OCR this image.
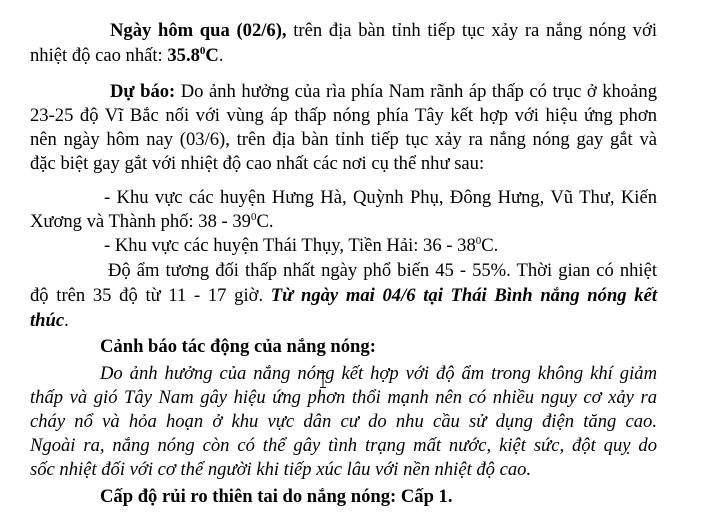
Ngày hôm qua (02/6), trên địa bàn tỉnh tiếp tục xảy ra nắng nóng với
nhiệt độ cao nhất: 35.8$^0$C.
Dự báo: Do ảnh hưởng của rìa phía Nam rãnh áp thấp có trục ở khoảng
23-25 độ Vĩ Bắc nối với vùng áp thấp nóng phía Tây kết hợp với hiệu ứng phơn
nên ngày hôm nay (03/6), trên địa bàn tỉnh tiếp tục xảy ra nắng nóng gay gắt và
đặc biệt gay gắt với nhiệt độ cao nhất các nơi cụ thể như sau:
- Khu vực các huyện Hưng Hà, Quỳnh Phụ, Đông Hưng, Vũ Thư, Kiến
Xương và Thành phố: $38 - 39^0C$.
- Khu vực các huyện Thái Thụy, Tiền Hải: $36 - 38^0C$.
Độ ẩm tương đối thấp nhất ngày phổ biến 45 - 55%. Thời gian có nhiệt
độ trên 35 độ từ 11 - 17 giờ. Từ ngày mai 04/6 tại Thái Bình nắng nóng kết
thúc.
Cảnh báo tác động của nắng nóng:
Do ảnh hưởng của nắng nóng kết hợp với độ ẩm trong không khí giảm
thấp và gió Tây Nam gây hiệu ứng phơn thổi mạnh nên có nhiều nguy cơ xảy ra
cháy nổ và hỏa hoạn ở khu vực dân cư do nhu cầu sử dụng điện tăng cao.
Ngoài ra, nắng nóng còn có thể gây tình trạng mất nước, kiệt sức, đột quỵ do
sốc nhiệt đối với cơ thể người khi tiếp xúc lâu với nền nhiệt độ cao.
Cấp độ rủi ro thiên tai do nắng nóng: Cấp 1.
